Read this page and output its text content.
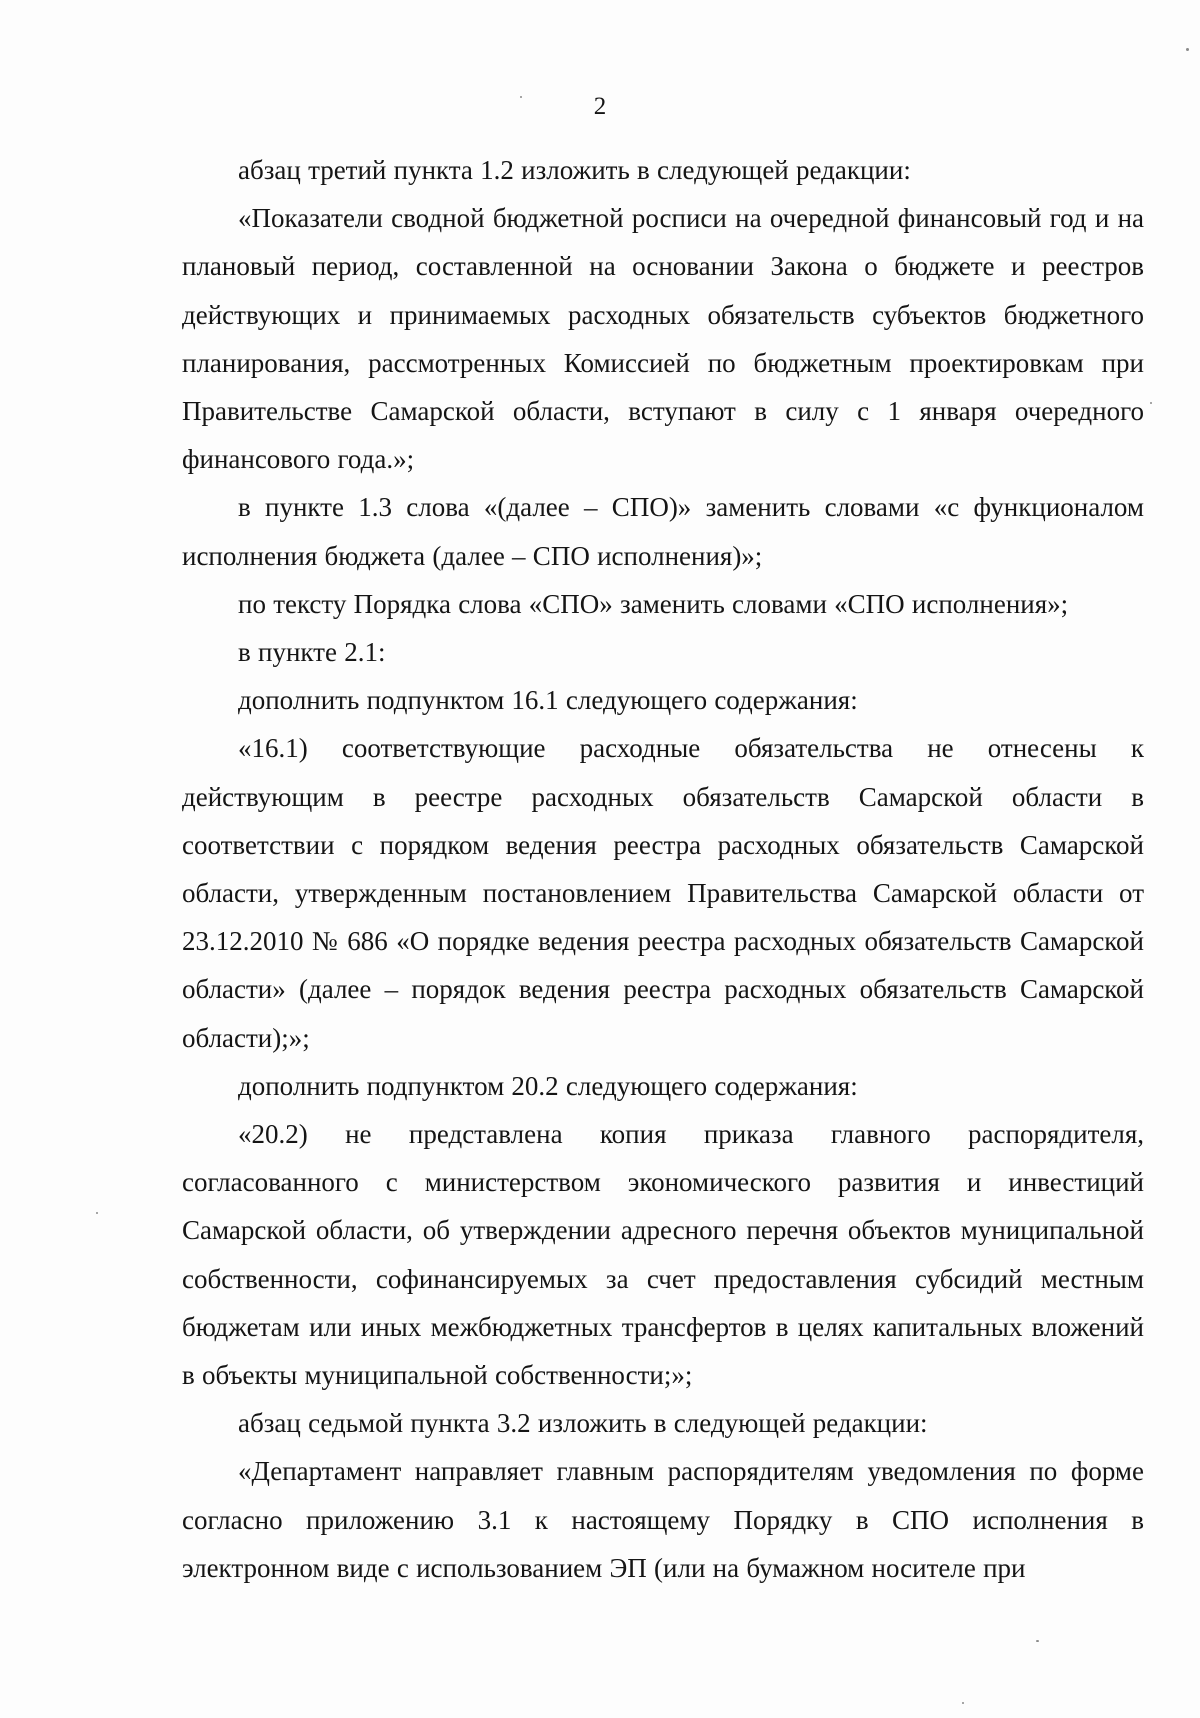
2

абзац третий пункта 1.2 изложить в следующей редакции:

«Показатели сводной бюджетной росписи на очередной финансовый год и на плановый период, составленной на основании Закона о бюджете и реестров действующих и принимаемых расходных обязательств субъектов бюджетного планирования, рассмотренных Комиссией по бюджетным проектировкам при Правительстве Самарской области, вступают в силу с 1 января очередного финансового года.»;

в пункте 1.3 слова «(далее – СПО)» заменить словами «с функционалом исполнения бюджета (далее – СПО исполнения)»;

по тексту Порядка слова «СПО» заменить словами «СПО исполнения»;

в пункте 2.1:

дополнить подпунктом 16.1 следующего содержания:

«16.1) соответствующие расходные обязательства не отнесены к действующим в реестре расходных обязательств Самарской области в соответствии с порядком ведения реестра расходных обязательств Самарской области, утвержденным постановлением Правительства Самарской области от 23.12.2010 № 686 «О порядке ведения реестра расходных обязательств Самарской области» (далее – порядок ведения реестра расходных обязательств Самарской области);»;

дополнить подпунктом 20.2 следующего содержания:

«20.2) не представлена копия приказа главного распорядителя, согласованного с министерством экономического развития и инвестиций Самарской области, об утверждении адресного перечня объектов муниципальной собственности, софинансируемых за счет предоставления субсидий местным бюджетам или иных межбюджетных трансфертов в целях капитальных вложений в объекты муниципальной собственности;»;

абзац седьмой пункта 3.2 изложить в следующей редакции:

«Департамент направляет главным распорядителям уведомления по форме согласно приложению 3.1 к настоящему Порядку в СПО исполнения в электронном виде с использованием ЭП (или на бумажном носителе при
